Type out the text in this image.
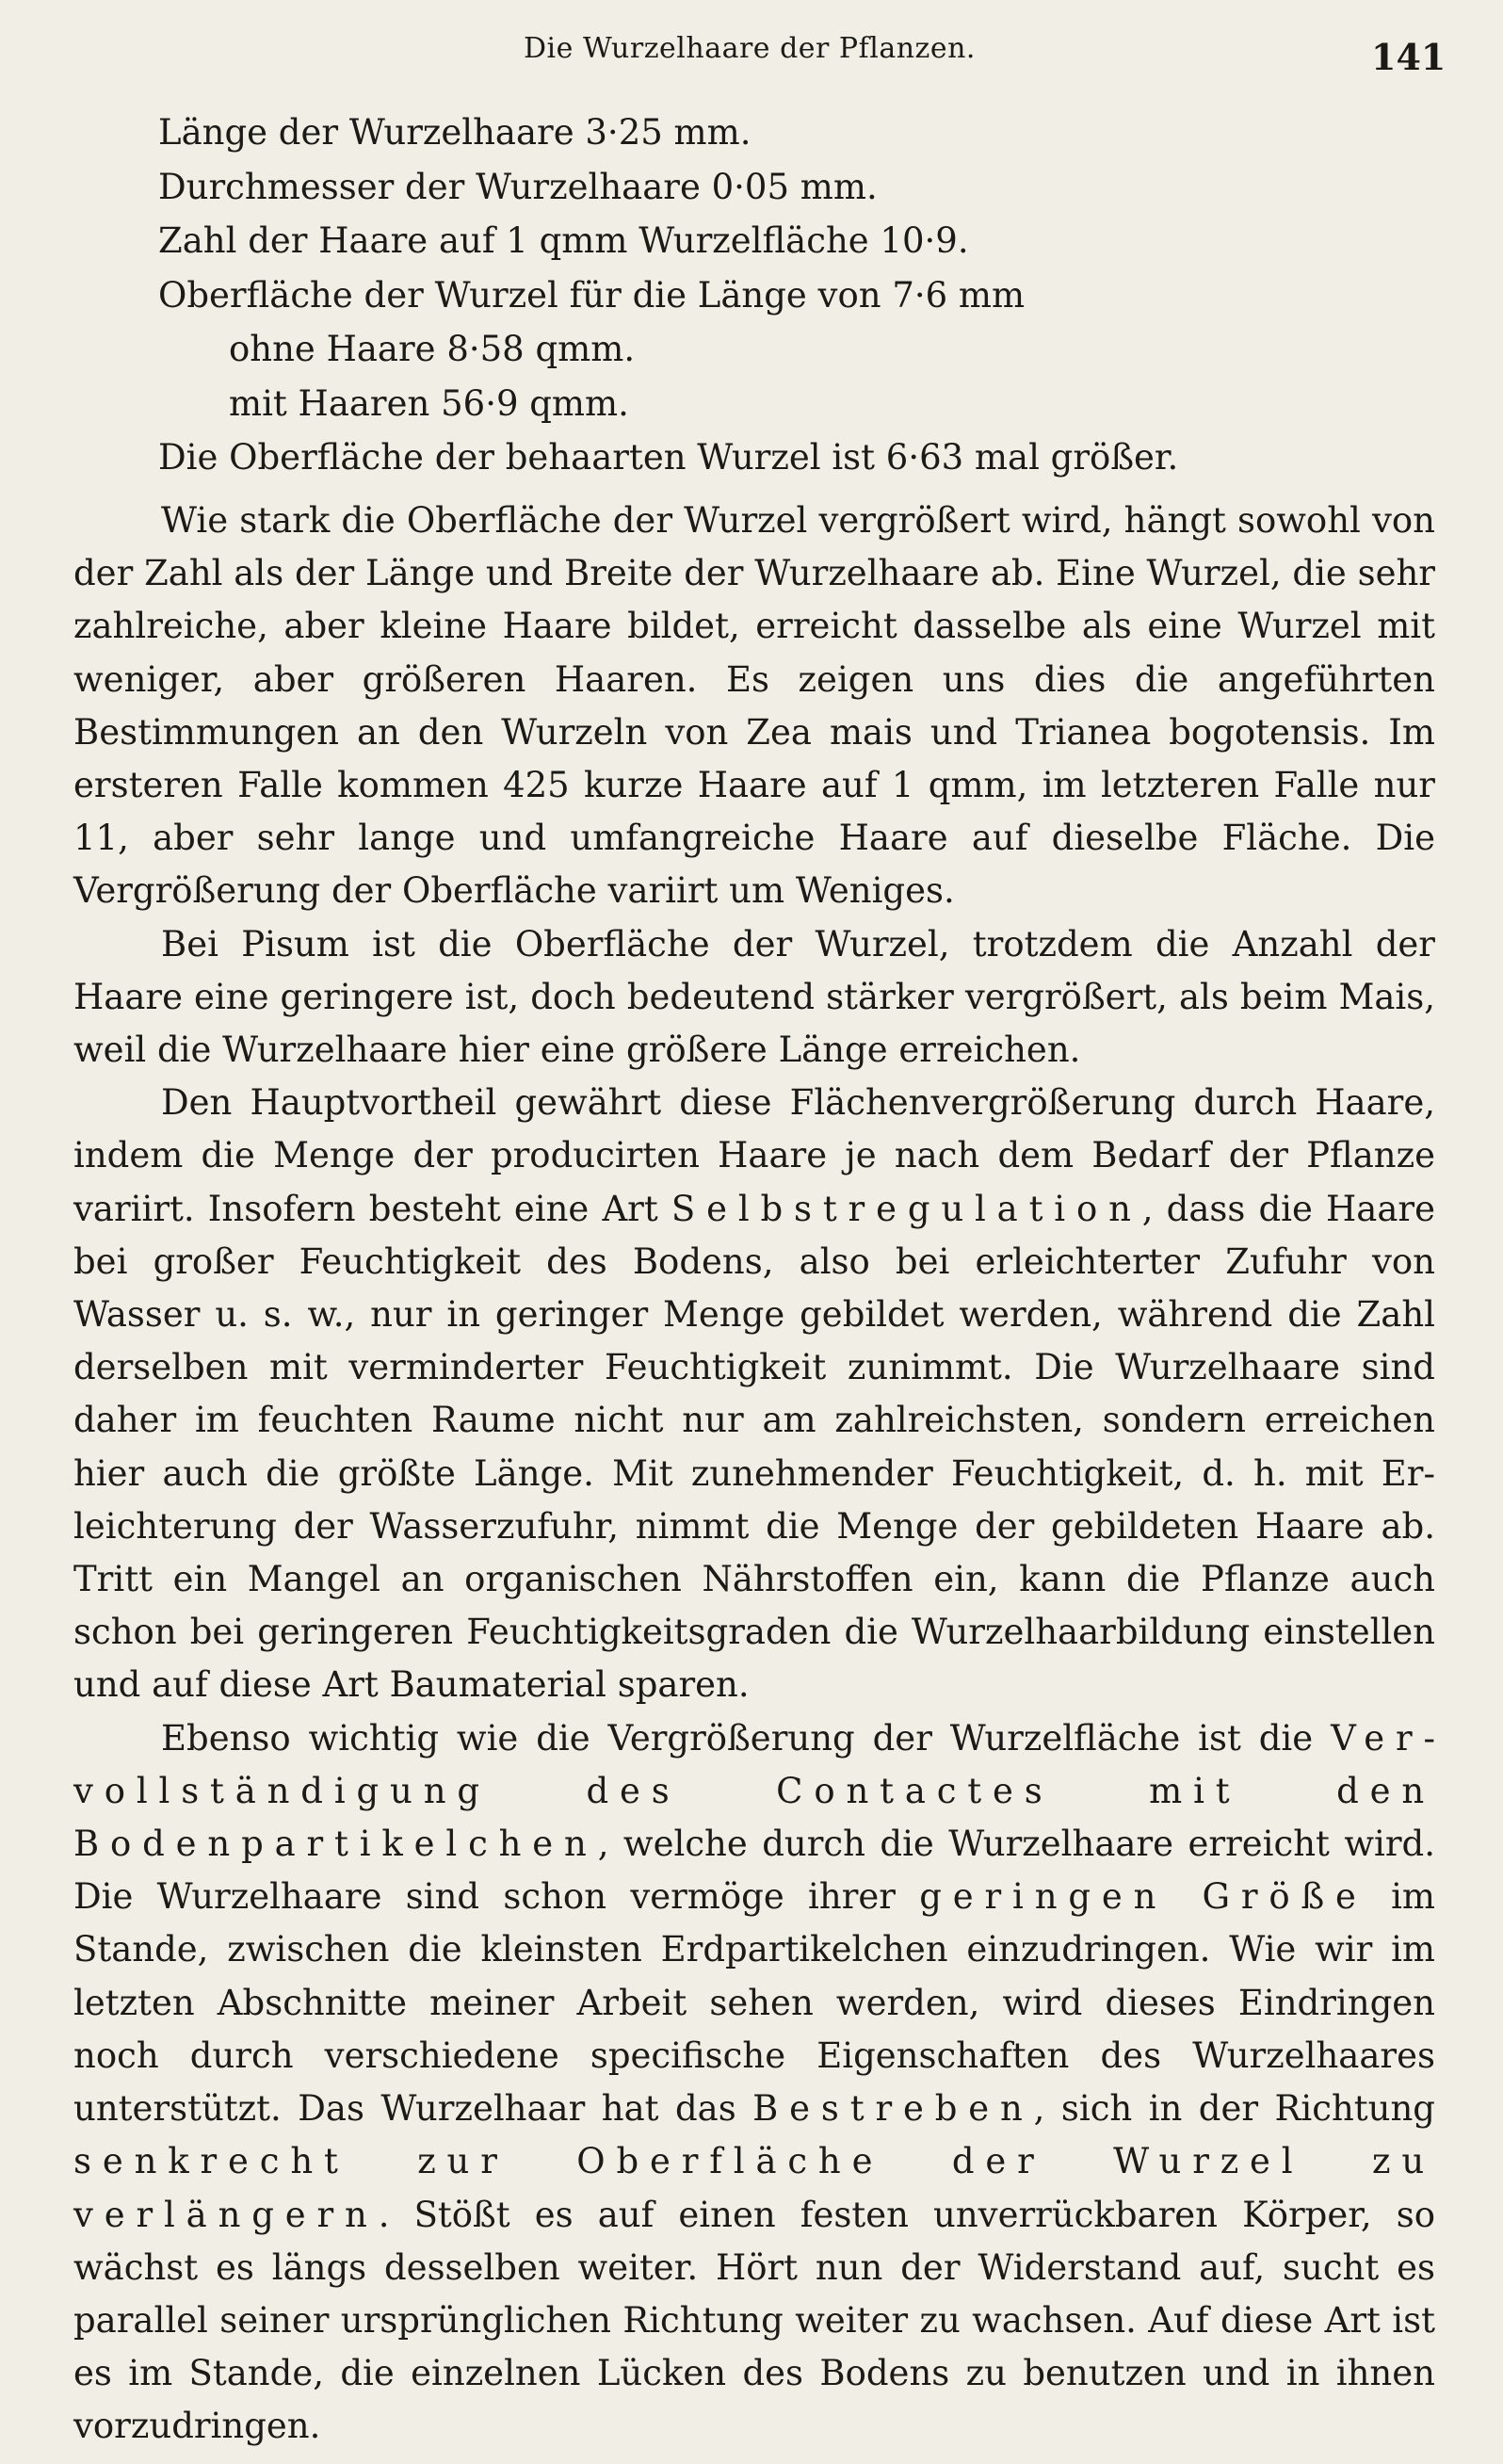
Die Wurzelhaare der Pflanzen.	141
Länge der Wurzelhaare 3·25 mm.
Durchmesser der Wurzelhaare 0·05 mm.
Zahl der Haare auf 1 qmm Wurzelfläche 10·9.
Oberfläche der Wurzel für die Länge von 7·6 mm
ohne Haare 8·58 qmm.
mit Haaren 56·9 qmm.
Die Oberfläche der behaarten Wurzel ist 6·63 mal größer.

Wie stark die Oberfläche der Wurzel vergrößert wird, hängt sowohl von der Zahl als der Länge und Breite der Wurzelhaare ab. Eine Wurzel, die sehr zahlreiche, aber kleine Haare bildet, erreicht dasselbe als eine Wurzel mit weniger, aber größeren Haaren. Es zeigen uns dies die angeführten Bestimmungen an den Wurzeln von Zea mais und Trianea bogotensis. Im ersteren Falle kommen 425 kurze Haare auf 1 qmm, im letzteren Falle nur 11, aber sehr lange und umfangreiche Haare auf dieselbe Fläche. Die Vergrößerung der Oberfläche variirt um Weniges.

Bei Pisum ist die Oberfläche der Wurzel, trotzdem die Anzahl der Haare eine geringere ist, doch bedeutend stärker vergrößert, als beim Mais, weil die Wurzelhaare hier eine größere Länge erreichen.

Den Hauptvortheil gewährt diese Flächenvergrößerung durch Haare, indem die Menge der producirten Haare je nach dem Bedarf der Pflanze variirt. Insofern besteht eine Art Selbstregulation, dass die Haare bei großer Feuchtigkeit des Bodens, also bei erleichterter Zufuhr von Wasser u. s. w., nur in geringer Menge gebildet werden, während die Zahl derselben mit verminderter Feuchtigkeit zunimmt. Die Wurzelhaare sind daher im feuchten Raume nicht nur am zahlreichsten, sondern erreichen hier auch die größte Länge. Mit zunehmender Feuchtigkeit, d. h. mit Erleichterung der Wasserzufuhr, nimmt die Menge der gebildeten Haare ab. Tritt ein Mangel an organischen Nährstoffen ein, kann die Pflanze auch schon bei geringeren Feuchtigkeitsgraden die Wurzelhaarbildung einstellen und auf diese Art Baumaterial sparen.

Ebenso wichtig wie die Vergrößerung der Wurzelfläche ist die Vervollständigung des Contactes mit den Bodenpartikelchen, welche durch die Wurzelhaare erreicht wird. Die Wurzelhaare sind schon vermöge ihrer geringen Größe im Stande, zwischen die kleinsten Erdpartikelchen einzudringen. Wie wir im letzten Abschnitte meiner Arbeit sehen werden, wird dieses Eindringen noch durch verschiedene specifische Eigenschaften des Wurzelhaares unterstützt. Das Wurzelhaar hat das Bestreben, sich in der Richtung senkrecht zur Oberfläche der Wurzel zu verlängern. Stößt es auf einen festen unverrückbaren Körper, so wächst es längs desselben weiter. Hört nun der Widerstand auf, sucht es parallel seiner ursprünglichen Richtung weiter zu wachsen. Auf diese Art ist es im Stande, die einzelnen Lücken des Bodens zu benutzen und in ihnen vorzudringen.
